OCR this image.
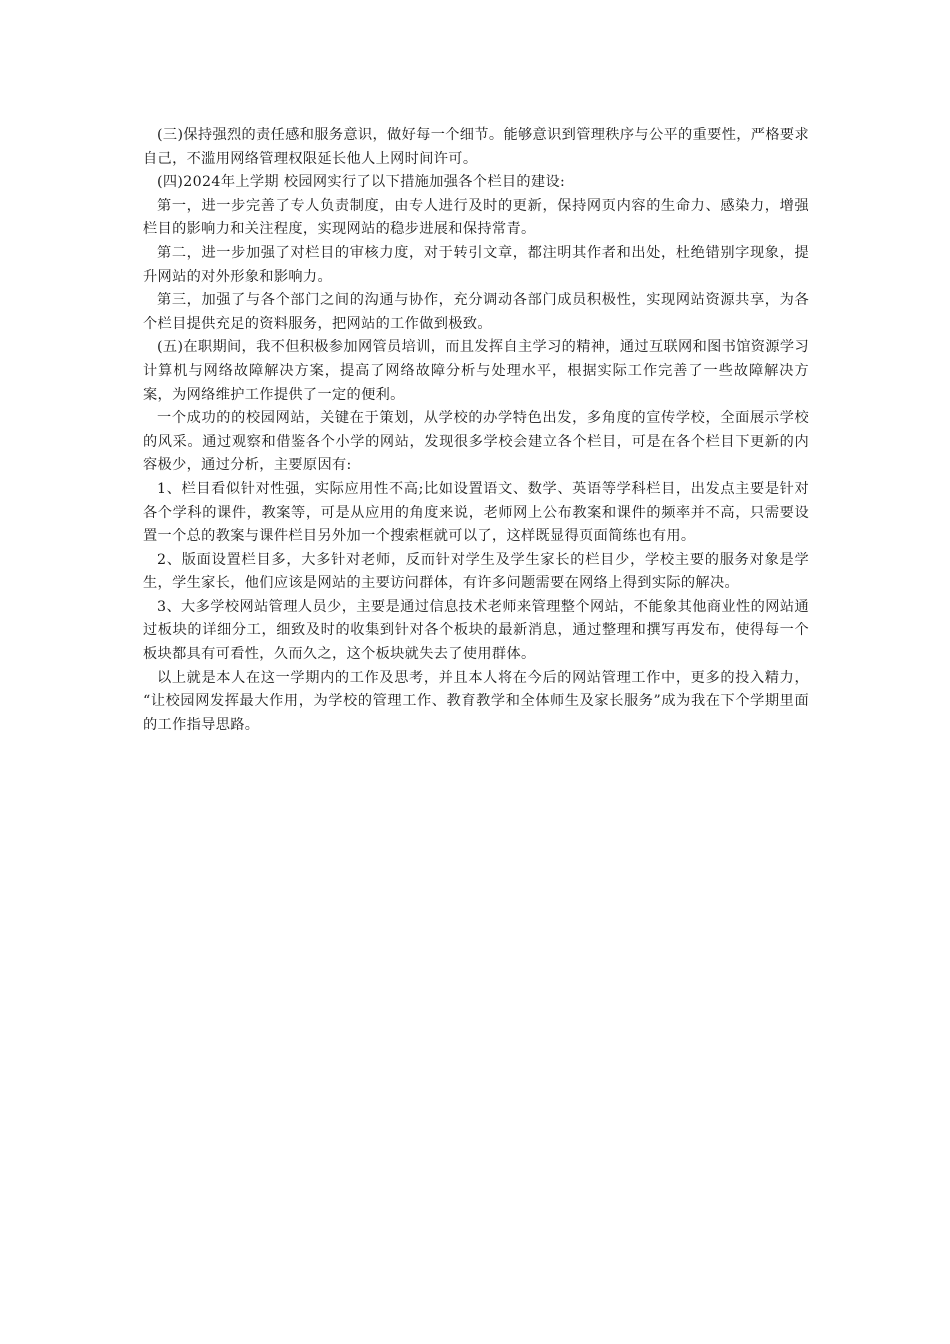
(三)保持强烈的责任感和服务意识，做好每一个细节。能够意识到管理秩序与公平的重要性，严格要求自己，不滥用网络管理权限延长他人上网时间许可。

(四)2024年上学期 校园网实行了以下措施加强各个栏目的建设:

第一，进一步完善了专人负责制度，由专人进行及时的更新，保持网页内容的生命力、感染力，增强栏目的影响力和关注程度，实现网站的稳步进展和保持常青。

第二，进一步加强了对栏目的审核力度，对于转引文章，都注明其作者和出处，杜绝错别字现象，提升网站的对外形象和影响力。

第三，加强了与各个部门之间的沟通与协作，充分调动各部门成员积极性，实现网站资源共享，为各个栏目提供充足的资料服务，把网站的工作做到极致。

(五)在职期间，我不但积极参加网管员培训，而且发挥自主学习的精神，通过互联网和图书馆资源学习计算机与网络故障解决方案，提高了网络故障分析与处理水平，根据实际工作完善了一些故障解决方案，为网络维护工作提供了一定的便利。

一个成功的的校园网站，关键在于策划，从学校的办学特色出发，多角度的宣传学校，全面展示学校的风采。通过观察和借鉴各个小学的网站，发现很多学校会建立各个栏目，可是在各个栏目下更新的内容极少，通过分析，主要原因有:

1、栏目看似针对性强，实际应用性不高;比如设置语文、数学、英语等学科栏目，出发点主要是针对各个学科的课件，教案等，可是从应用的角度来说，老师网上公布教案和课件的频率并不高，只需要设置一个总的教案与课件栏目另外加一个搜索框就可以了，这样既显得页面简练也有用。

2、版面设置栏目多，大多针对老师，反而针对学生及学生家长的栏目少，学校主要的服务对象是学生，学生家长，他们应该是网站的主要访问群体，有许多问题需要在网络上得到实际的解决。

3、大多学校网站管理人员少，主要是通过信息技术老师来管理整个网站，不能象其他商业性的网站通过板块的详细分工，细致及时的收集到针对各个板块的最新消息，通过整理和撰写再发布，使得每一个板块都具有可看性，久而久之，这个板块就失去了使用群体。

以上就是本人在这一学期内的工作及思考，并且本人将在今后的网站管理工作中，更多的投入精力， “让校园网发挥最大作用，为学校的管理工作、教育教学和全体师生及家长服务”成为我在下个学期里面的工作指导思路。
